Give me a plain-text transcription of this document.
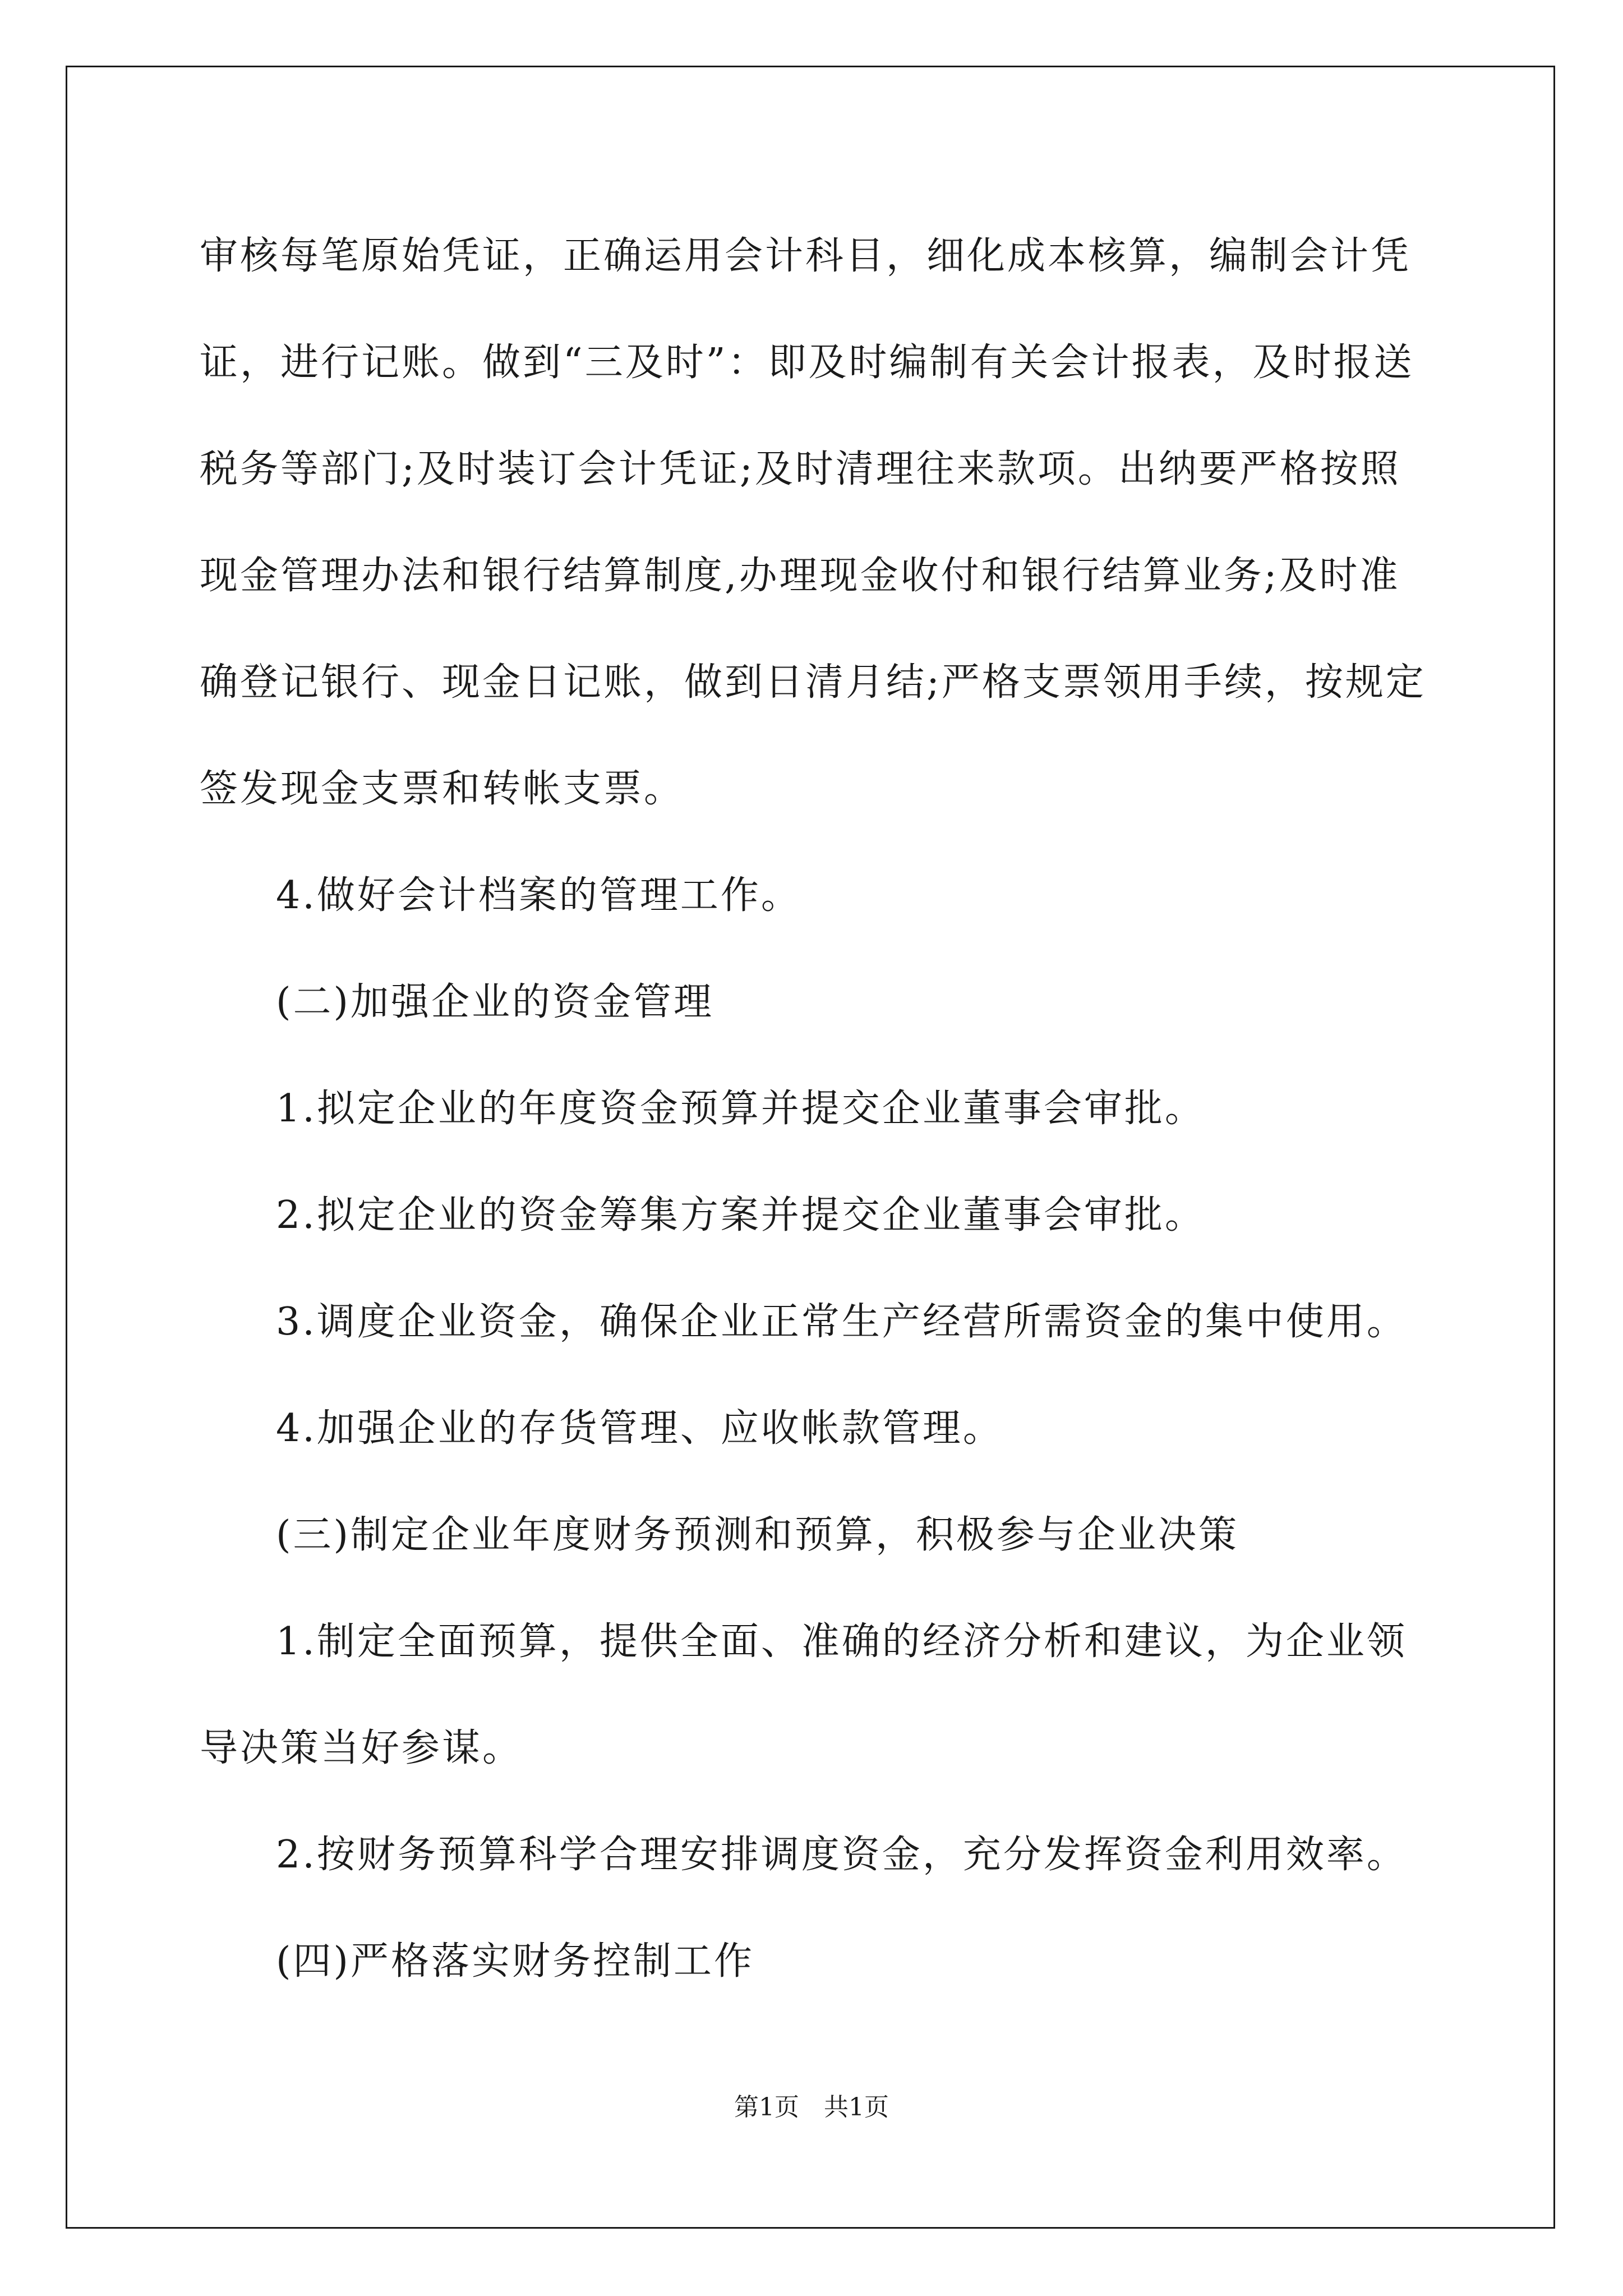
审核每笔原始凭证，正确运用会计科目，细化成本核算，编制会计凭
证，进行记账。做到“三及时”：即及时编制有关会计报表，及时报送
税务等部门;及时装订会计凭证;及时清理往来款项。出纳要严格按照
现金管理办法和银行结算制度,办理现金收付和银行结算业务;及时准
确登记银行、现金日记账，做到日清月结;严格支票领用手续，按规定
签发现金支票和转帐支票。
4.做好会计档案的管理工作。
(二)加强企业的资金管理
1.拟定企业的年度资金预算并提交企业董事会审批。
2.拟定企业的资金筹集方案并提交企业董事会审批。
3.调度企业资金，确保企业正常生产经营所需资金的集中使用。
4.加强企业的存货管理、应收帐款管理。
(三)制定企业年度财务预测和预算，积极参与企业决策
1.制定全面预算，提供全面、准确的经济分析和建议，为企业领
导决策当好参谋。
2.按财务预算科学合理安排调度资金，充分发挥资金利用效率。
(四)严格落实财务控制工作
第1页　共1页
